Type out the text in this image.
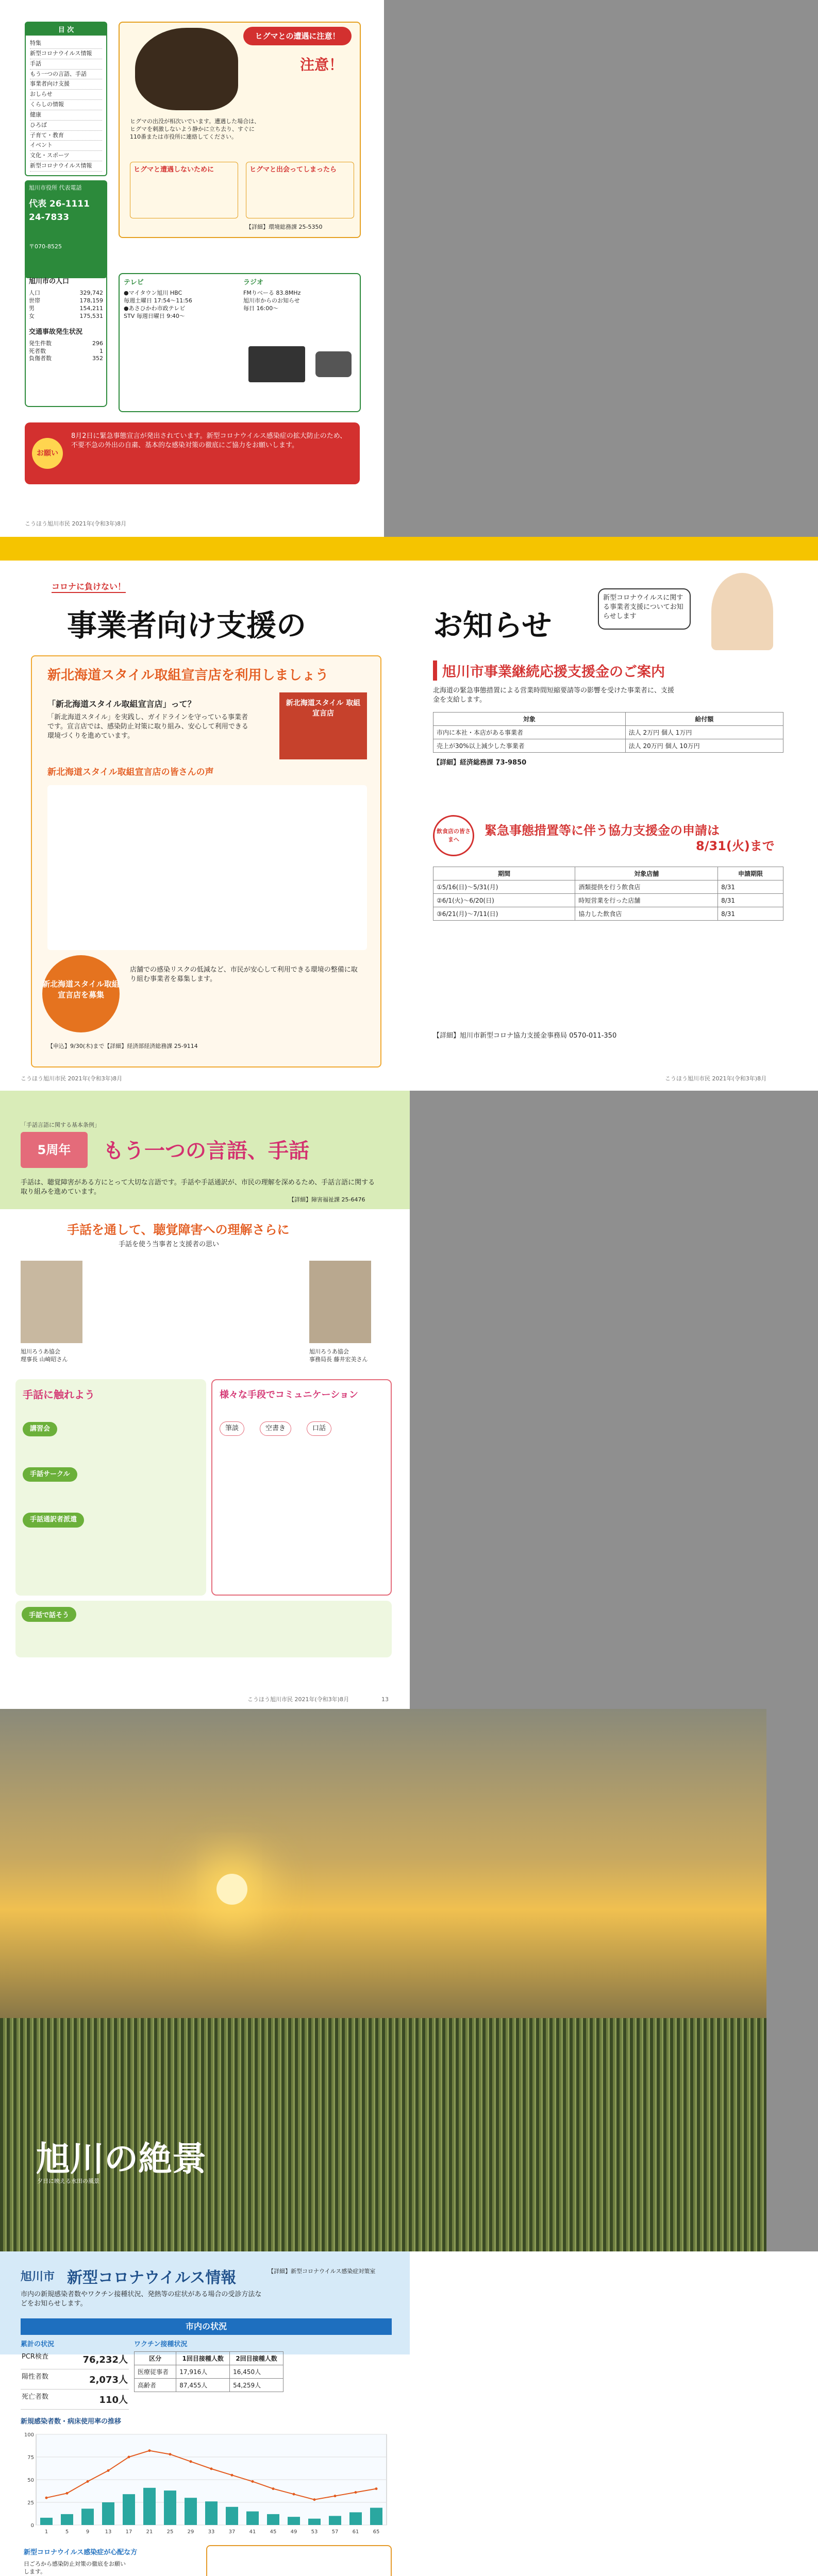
目 次
特集
新型コロナウイルス情報
手話
もう一つの言語、手話
事業者向け支援
おしらせ
くらしの情報
健康
ひろば
子育て・教育
イベント
文化・スポーツ
新型コロナウイルス情報
旭川市役所 代表電話
代表 26-1111
24-7833
〒070-8525
ヒグマとの遭遇に注意！
注意！
ヒグマの出没が相次いでいます。遭遇した場合は、ヒグマを刺激しないよう静かに立ち去り、すぐに110番または市役所に連絡してください。
ヒグマと遭遇しないために	ヒグマと出会ってしまったら
【詳細】環境総務課 25-5350
旭川市の人口
人口	329,742
世帯	178,159
男	154,211
女	175,531
交通事故発生状況
発生件数	296
死者数	1
負傷者数	352
テレビ
●マイタウン旭川 HBC
毎週土曜日 17:54〜11:56
●あさひかわ市政テレビ
STV 毎週日曜日 9:40〜
ラジオ
FMりべーる 83.8MHz
旭川市からのお知らせ
毎日 16:00〜
お願い
8月2日に緊急事態宣言が発出されています。新型コロナウイルス感染症の拡大防止のため、不要不急の外出の自粛、基本的な感染対策の徹底にご協力をお願いします。
こうほう旭川市民 2021年(令和3年)8月
コロナに負けない！
事業者向け支援の	お知らせ
新型コロナウイルスに関する事業者支援についてお知らせします
新北海道スタイル取組宣言店を利用しましょう
「新北海道スタイル取組宣言店」って？
「新北海道スタイル」を実践し、ガイドラインを守っている事業者です。宣言店では、感染防止対策に取り組み、安心して利用できる環境づくりを進めています。
新北海道スタイル 取組宣言店
新北海道スタイル取組宣言店の皆さんの声
新北海道スタイル取組宣言店を募集
店舗での感染リスクの低減など、市民が安心して利用できる環境の整備に取り組む事業者を募集します。
【申込】9/30(木)まで【詳細】経済部経済総務課 25-9114
旭川市事業継続応援支援金のご案内
北海道の緊急事態措置による営業時間短縮要請等の影響を受けた事業者に、支援金を支給します。
対象	給付額
市内に本社・本店がある事業者	法人 2万円 個人 1万円
売上が30%以上減少した事業者	法人 20万円 個人 10万円
【詳細】経済総務課 73-9850
飲食店の皆さまへ
緊急事態措置等に伴う協力支援金の申請は
8/31(火)まで
期間	対象店舗	申請期限
①5/16(日)〜5/31(月)	酒類提供を行う飲食店	8/31
②6/1(火)〜6/20(日)	時短営業を行った店舗	8/31
③6/21(月)〜7/11(日)	協力した飲食店	8/31
【詳細】旭川市新型コロナ協力支援金事務局 0570-011-350
こうほう旭川市民 2021年(令和3年)8月	こうほう旭川市民 2021年(令和3年)8月
「手話言語に関する基本条例」
5周年	もう一つの言語、手話
手話は、聴覚障害がある方にとって大切な言語です。手話や手話通訳が、市民の理解を深めるため、手話言語に関する取り組みを進めています。
【詳細】障害福祉課 25-6476
手話を通して、聴覚障害への理解さらに
手話を使う当事者と支援者の思い
旭川ろうあ協会
理事長 山崎昭さん
旭川ろうあ協会
事務局長 藤井宏美さん
手話に触れよう
講習会
手話サークル
手話通訳者派遣
様々な手段でコミュニケーション
筆談	空書き	口話
手話で話そう
こうほう旭川市民 2021年(令和3年)8月	13
旭川の絶景
夕日に映える水田の風景
旭川市 新型コロナウイルス情報	【詳細】新型コロナウイルス感染症対策室
市内の新規感染者数やワクチン接種状況、発熱等の症状がある場合の受診方法などをお知らせします。
市内の状況
累計の状況
PCR検査	76,232人
陽性者数	2,073人
死亡者数	110人
ワクチン接種状況
区分	1回目接種人数	2回目接種人数
医療従事者	17,916人	16,450人
高齢者	87,455人	54,259人
新規感染者数・病床使用率の推移
0
25
50
75
100
1	5	9	13	17	21	25	29	33	37	41	45	49	53	57	61	65
新型コロナウイルス感染症が心配な方
日ごろから感染防止対策の徹底をお願いします。
